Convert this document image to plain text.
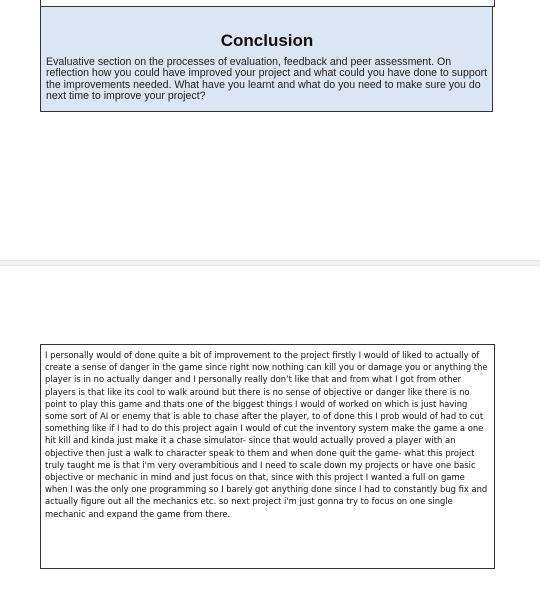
Conclusion

Evaluative section on the processes of evaluation, feedback and peer assessment. On reflection how you could have improved your project and what could you have done to support the improvements needed. What have you learnt and what do you need to make sure you do next time to improve your project?

I personally would of done quite a bit of improvement to the project firstly I would of liked to actually of create a sense of danger in the game since right now nothing can kill you or damage you or anything the player is in no actually danger and I personally really don’t like that and from what I got from other players is that like its cool to walk around but there is no sense of objective or danger like there is no point to play this game and thats one of the biggest things I would of worked on which is just having some sort of AI or enemy that is able to chase after the player, to of done this I prob would of had to cut something like if I had to do this project again I would of cut the inventory system make the game a one hit kill and kinda just make it a chase simulator- since that would actually proved a player with an objective then just a walk to character speak to them and when done quit the game- what this project truly taught me is that i'm very overambitious and I need to scale down my projects or have one basic objective or mechanic in mind and just focus on that, since with this project I wanted a full on game when I was the only one programming so I barely got anything done since I had to constantly bug fix and actually figure out all the mechanics etc. so next project i'm just gonna try to focus on one single mechanic and expand the game from there.
